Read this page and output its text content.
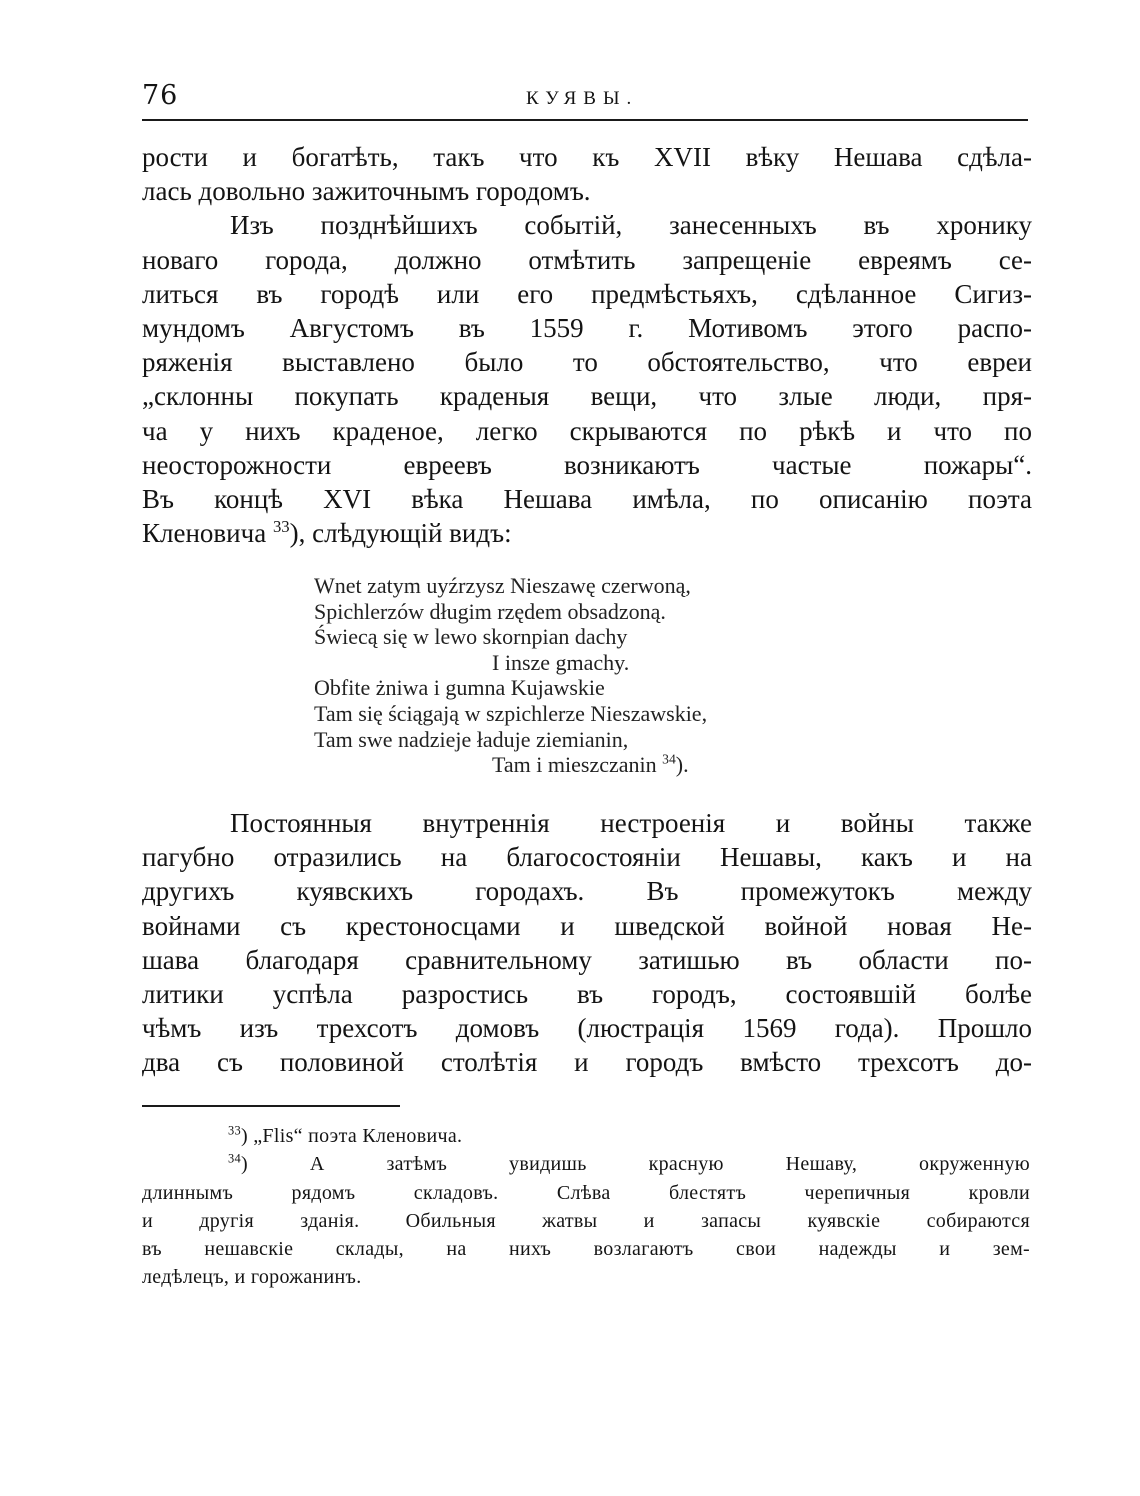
76	КУЯВЫ.
рости и богатѣть, такъ что къ XVII вѣку Нешава сдѣла-
лась довольно зажиточнымъ городомъ.
Изъ позднѣйшихъ событій, занесенныхъ въ хронику
новаго города, должно отмѣтить запрещеніе евреямъ се-
литься въ городѣ или его предмѣстьяхъ, сдѣланное Сигиз-
мундомъ Августомъ въ 1559 г. Мотивомъ этого распо-
ряженія выставлено было то обстоятельство, что евреи
„склонны покупать краденыя вещи, что злые люди, пря-
ча у нихъ краденое, легко скрываются по рѣкѣ и что по
неосторожности евреевъ возникаютъ частые пожары“.
Въ концѣ XVI вѣка Нешава имѣла, по описанію поэта
Кленовича $^{33}$), слѣдующій видъ:
Wnet zatym uyźrzysz Nieszawę czerwoną,
Spichlerzów długim rzędem obsadzoną.
Świecą się w lewo skornpian dachy
I insze gmachy.
Obfite żniwa i gumna Kujawskie
Tam się ściągają w szpichlerze Nieszawskie,
Tam swe nadzieje ładuje ziemianin,
Tam i mieszczanin $^{34}$).
Постоянныя внутреннія нестроенія и войны также
пагубно отразились на благосостояніи Нешавы, какъ и на
другихъ куявскихъ городахъ. Въ промежутокъ между
войнами съ крестоносцами и шведской войной новая Не-
шава благодаря сравнительному затишью въ области по-
литики успѣла разростись въ городъ, состоявшій болѣе
чѣмъ изъ трехсотъ домовъ (люстрація 1569 года). Прошло
два съ половиной столѣтія и городъ вмѣсто трехсотъ до-
$^{33}$) „Flis“ поэта Кленовича.
$^{34}$) А затѣмъ увидишь красную Нешаву, окруженную
длиннымъ рядомъ складовъ. Слѣва блестятъ черепичныя кровли
и другія зданія. Обильныя жатвы и запасы куявскіе собираются
въ нешавскіе склады, на нихъ возлагаютъ свои надежды и зем-
ледѣлецъ, и горожанинъ.
